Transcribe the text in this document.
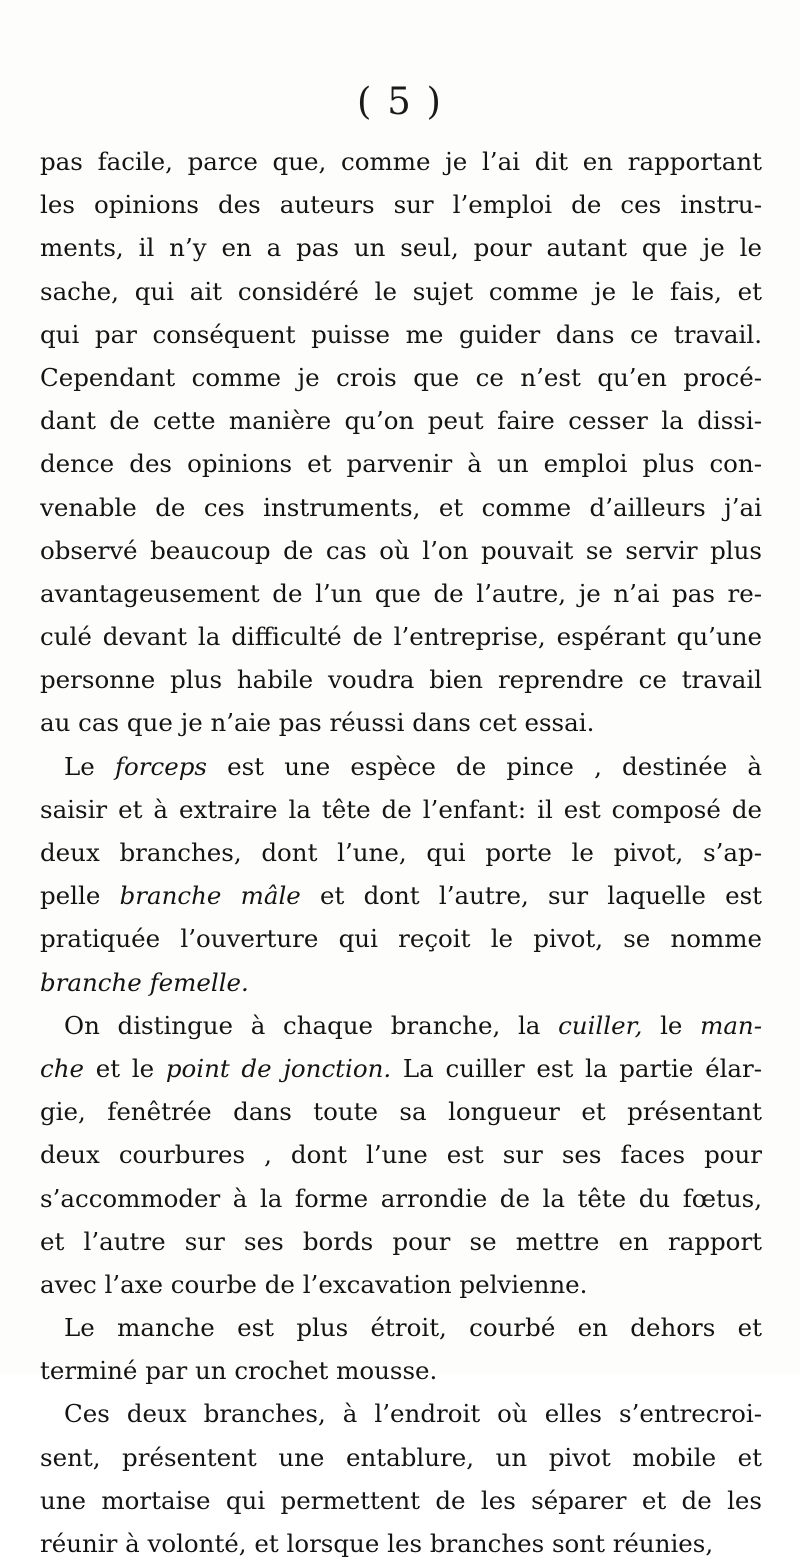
( 5 )
pas facile, parce que, comme je l’ai dit en rapportant
les opinions des auteurs sur l’emploi de ces instru-
ments, il n’y en a pas un seul, pour autant que je le
sache, qui ait considéré le sujet comme je le fais, et
qui par conséquent puisse me guider dans ce travail.
Cependant comme je crois que ce n’est qu’en procé-
dant de cette manière qu’on peut faire cesser la dissi-
dence des opinions et parvenir à un emploi plus con-
venable de ces instruments, et comme d’ailleurs j’ai
observé beaucoup de cas où l’on pouvait se servir plus
avantageusement de l’un que de l’autre, je n’ai pas re-
culé devant la difficulté de l’entreprise, espérant qu’une
personne plus habile voudra bien reprendre ce travail
au cas que je n’aie pas réussi dans cet essai.
Le forceps est une espèce de pince , destinée à
saisir et à extraire la tête de l’enfant: il est composé de
deux branches, dont l’une, qui porte le pivot, s’ap-
pelle branche mâle et dont l’autre, sur laquelle est
pratiquée l’ouverture qui reçoit le pivot, se nomme
branche femelle.
On distingue à chaque branche, la cuiller, le man-
che et le point de jonction. La cuiller est la partie élar-
gie, fenêtrée dans toute sa longueur et présentant
deux courbures , dont l’une est sur ses faces pour
s’accommoder à la forme arrondie de la tête du fœtus,
et l’autre sur ses bords pour se mettre en rapport
avec l’axe courbe de l’excavation pelvienne.
Le manche est plus étroit, courbé en dehors et
terminé par un crochet mousse.
Ces deux branches, à l’endroit où elles s’entrecroi-
sent, présentent une entablure, un pivot mobile et
une mortaise qui permettent de les séparer et de les
réunir à volonté, et lorsque les branches sont réunies,
